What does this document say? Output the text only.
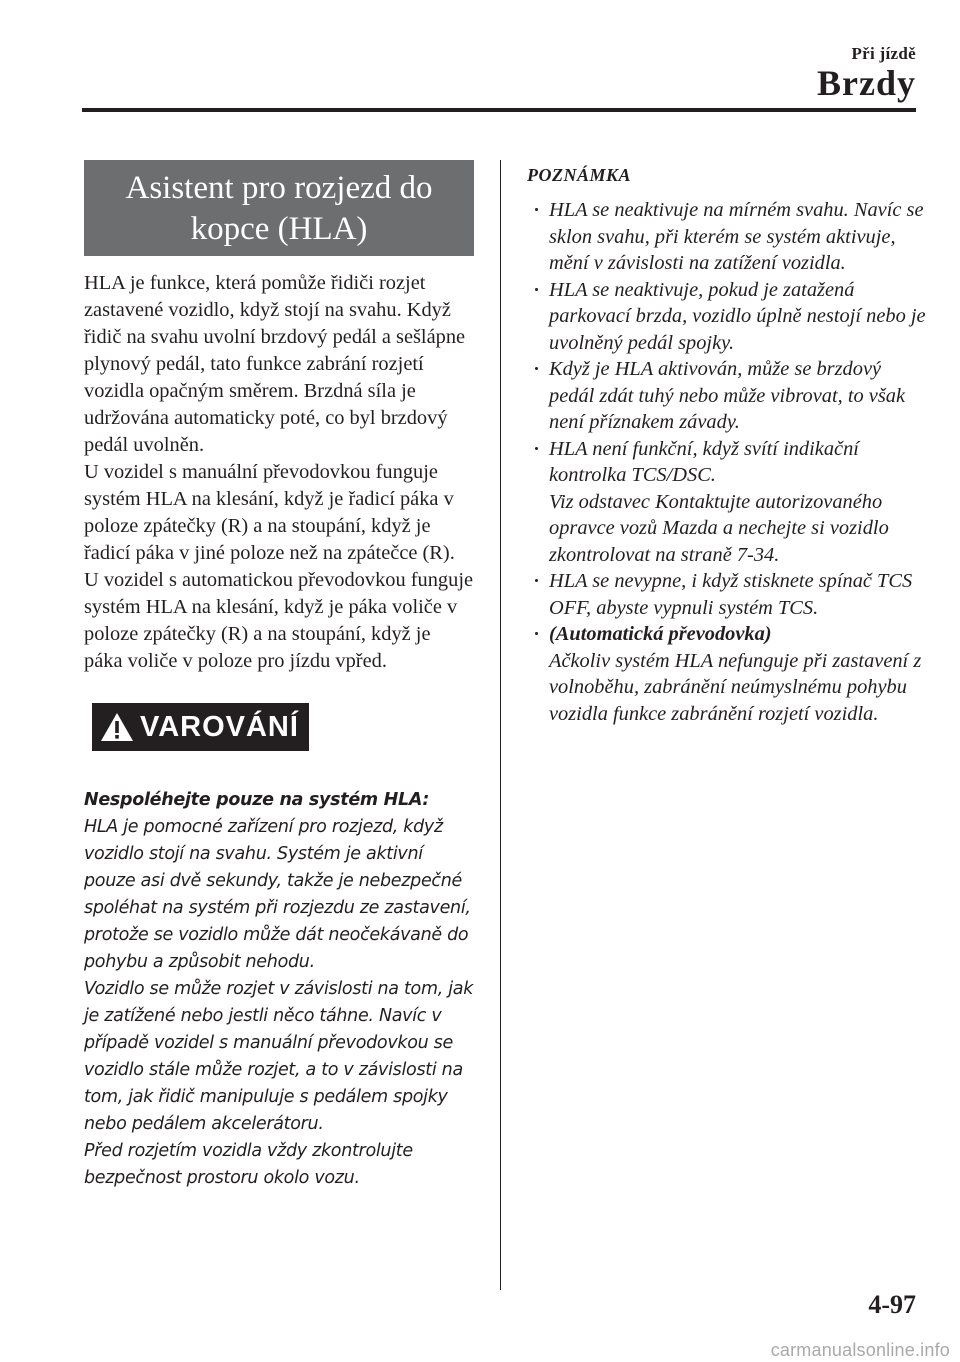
Při jízdě
Brzdy
Asistent pro rozjezd do
kopce (HLA)
HLA je funkce, která pomůže řidiči rozjet zastavené vozidlo, když stojí na svahu. Když řidič na svahu uvolní brzdový pedál a sešlápne plynový pedál, tato funkce zabrání rozjetí vozidla opačným směrem. Brzdná síla je udržována automaticky poté, co byl brzdový pedál uvolněn.
U vozidel s manuální převodovkou funguje systém HLA na klesání, když je řadicí páka v poloze zpátečky (R) a na stoupání, když je řadicí páka v jiné poloze než na zpátečce (R).
U vozidel s automatickou převodovkou funguje systém HLA na klesání, když je páka voliče v poloze zpátečky (R) a na stoupání, když je páka voliče v poloze pro jízdu vpřed.
VAROVÁNÍ
Nespoléhejte pouze na systém HLA:
HLA je pomocné zařízení pro rozjezd, když vozidlo stojí na svahu. Systém je aktivní pouze asi dvě sekundy, takže je nebezpečné spoléhat na systém při rozjezdu ze zastavení, protože se vozidlo může dát neočekávaně do pohybu a způsobit nehodu.
Vozidlo se může rozjet v závislosti na tom, jak je zatížené nebo jestli něco táhne. Navíc v případě vozidel s manuální převodovkou se vozidlo stále může rozjet, a to v závislosti na tom, jak řidič manipuluje s pedálem spojky nebo pedálem akcelerátoru.
Před rozjetím vozidla vždy zkontrolujte bezpečnost prostoru okolo vozu.
POZNÁMKA
HLA se neaktivuje na mírném svahu. Navíc se sklon svahu, při kterém se systém aktivuje, mění v závislosti na zatížení vozidla.
HLA se neaktivuje, pokud je zatažená parkovací brzda, vozidlo úplně nestojí nebo je uvolněný pedál spojky.
Když je HLA aktivován, může se brzdový pedál zdát tuhý nebo může vibrovat, to však není příznakem závady.
HLA není funkční, když svítí indikační kontrolka TCS/DSC.
Viz odstavec Kontaktujte autorizovaného opravce vozů Mazda a nechejte si vozidlo zkontrolovat na straně 7-34.
HLA se nevypne, i když stisknete spínač TCS OFF, abyste vypnuli systém TCS.
(Automatická převodovka)
Ačkoliv systém HLA nefunguje při zastavení z volnoběhu, zabránění neúmyslnému pohybu vozidla funkce zabránění rozjetí vozidla.
4-97
carmanualsonline.info
